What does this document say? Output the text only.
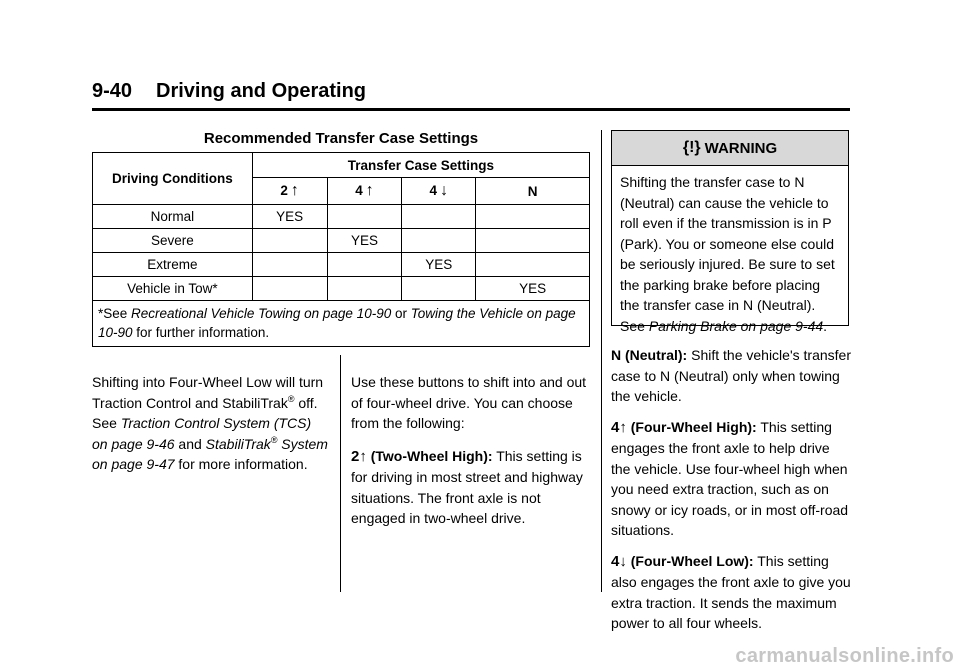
9-40 Driving and Operating
Recommended Transfer Case Settings
Driving Conditions	Transfer Case Settings			
	2 ↑	4 ↑	4 ↓	N
Normal	YES			
Severe		YES		
Extreme			YES	
Vehicle in Tow*				YES
*See Recreational Vehicle Towing on page 10-90 or Towing the Vehicle on page 10-90 for further information.				

Shifting into Four-Wheel Low will turn Traction Control and StabiliTrak® off. See Traction Control System (TCS) on page 9-46 and StabiliTrak® System on page 9-47 for more information.

Use these buttons to shift into and out of four-wheel drive. You can choose from the following:

2↑ (Two-Wheel High): This setting is for driving in most street and highway situations. The front axle is not engaged in two-wheel drive.

{!} WARNING
Shifting the transfer case to N (Neutral) can cause the vehicle to roll even if the transmission is in P (Park). You or someone else could be seriously injured. Be sure to set the parking brake before placing the transfer case in N (Neutral). See Parking Brake on page 9-44.

N (Neutral): Shift the vehicle's transfer case to N (Neutral) only when towing the vehicle.

4↑ (Four-Wheel High): This setting engages the front axle to help drive the vehicle. Use four-wheel high when you need extra traction, such as on snowy or icy roads, or in most off-road situations.

4↓ (Four-Wheel Low): This setting also engages the front axle to give you extra traction. It sends the maximum power to all four wheels.

carmanualsonline.info
